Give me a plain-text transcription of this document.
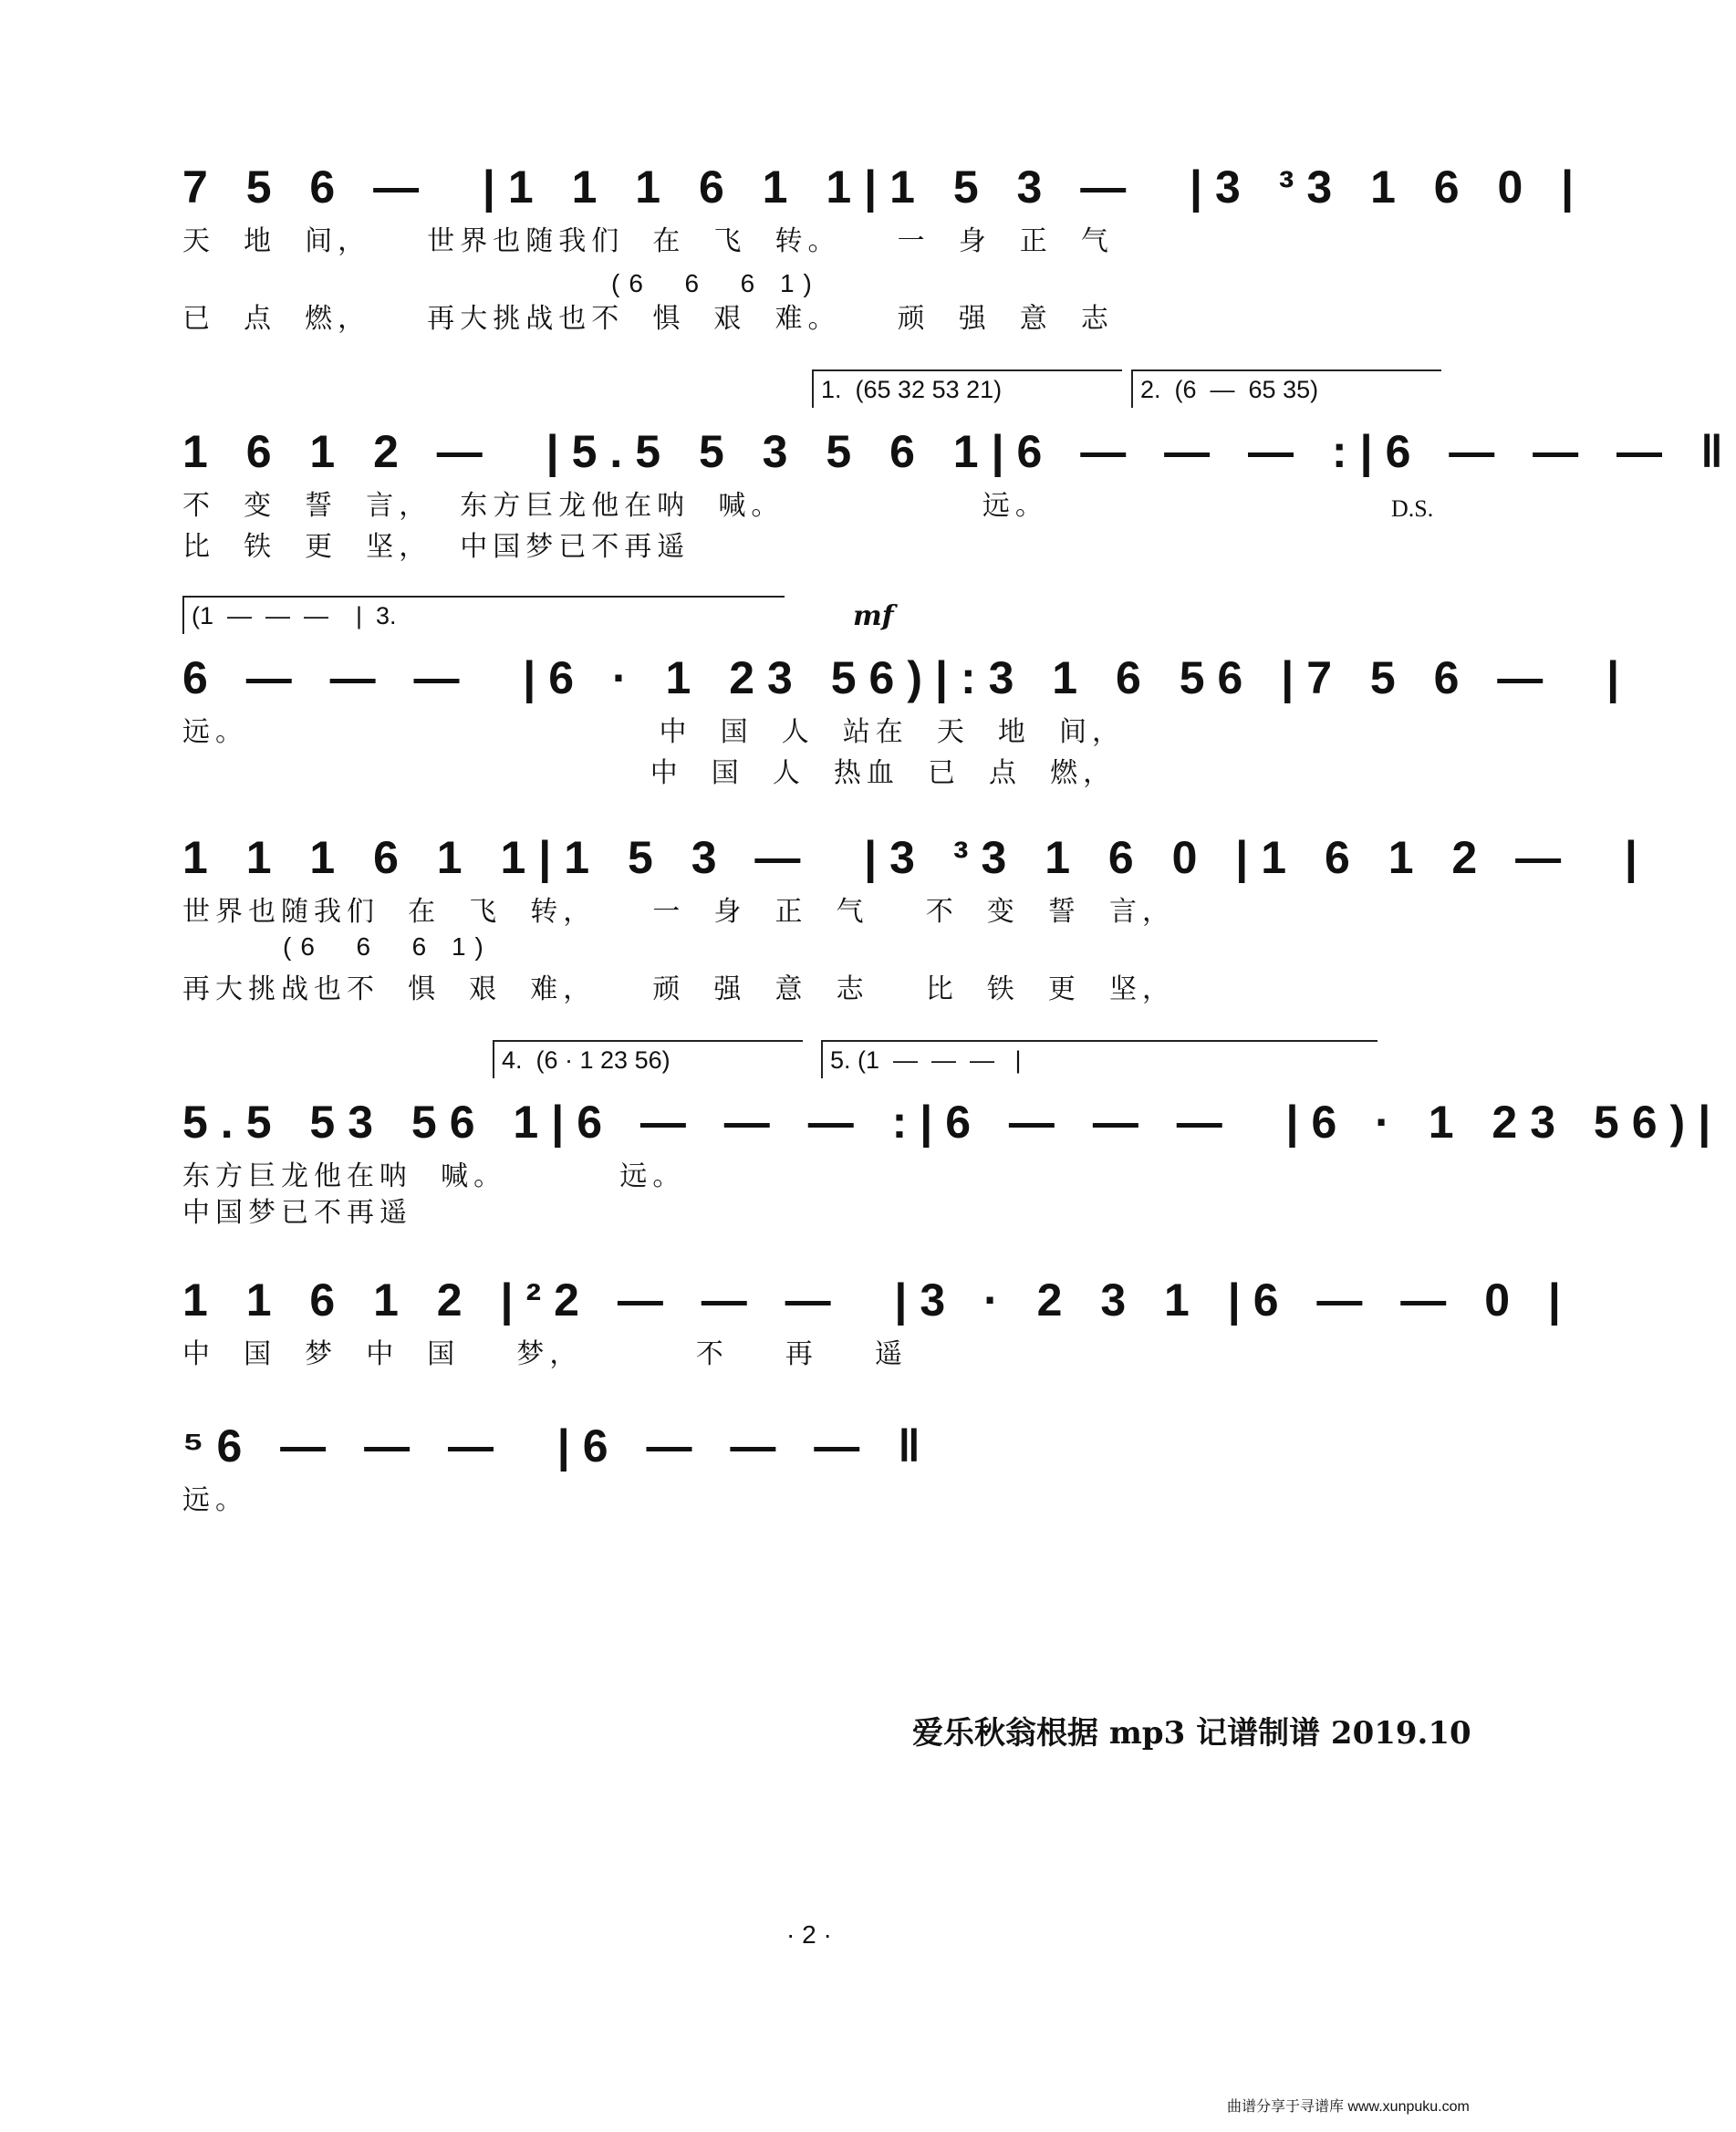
7 5 6 —  |1 1 1 6 1 1|1 5 3 —  |3 ³3 1 6 0 |
天  地  间，    世界也随我们  在  飞  转。    一  身  正  气
(6  6  6 1)
已  点  燃，    再大挑战也不  惧  艰  难。    顽  强  意  志
1.  (65 32 53 21)	2.  (6  —  65 35)
1 6 1 2 —  |5.5 5 3 5 6 1|6 — — — :|6 — — — ‖
不  变  誓  言，  东方巨龙他在呐  喊。              远。	D.S.
比  铁  更  坚，  中国梦已不再遥
(1  —  —  —    |  3.	mf
6 — — —  |6 · 1 23 56)|:3 1 6 56 |7 5 6 —  |
远。                             中  国  人  站在  天  地  间，
中  国  人  热血  已  点  燃，
1 1 1 6 1 1|1 5 3 —  |3 ³3 1 6 0 |1 6 1 2 —  |
世界也随我们  在  飞  转，    一  身  正  气    不  变  誓  言，
(6  6  6 1)
再大挑战也不  惧  艰  难，    顽  强  意  志    比  铁  更  坚，
4.  (6 · 1 23 56)	5. (1  —  —  —   |
5.5 53 56 1|6 — — — :|6 — — —  |6 · 1 23 56)|
东方巨龙他在呐  喊。        远。
中国梦已不再遥
1 1 6 1 2 |²2 — — —  |3 · 2 3 1 |6 — — 0 |
中  国  梦  中  国    梦，        不    再    遥
⁵6 — — —  |6 — — — ‖
远。
爱乐秋翁根据 mp3 记谱制谱 2019.10
· 2 ·
曲谱分享于寻谱库 www.xunpuku.com
